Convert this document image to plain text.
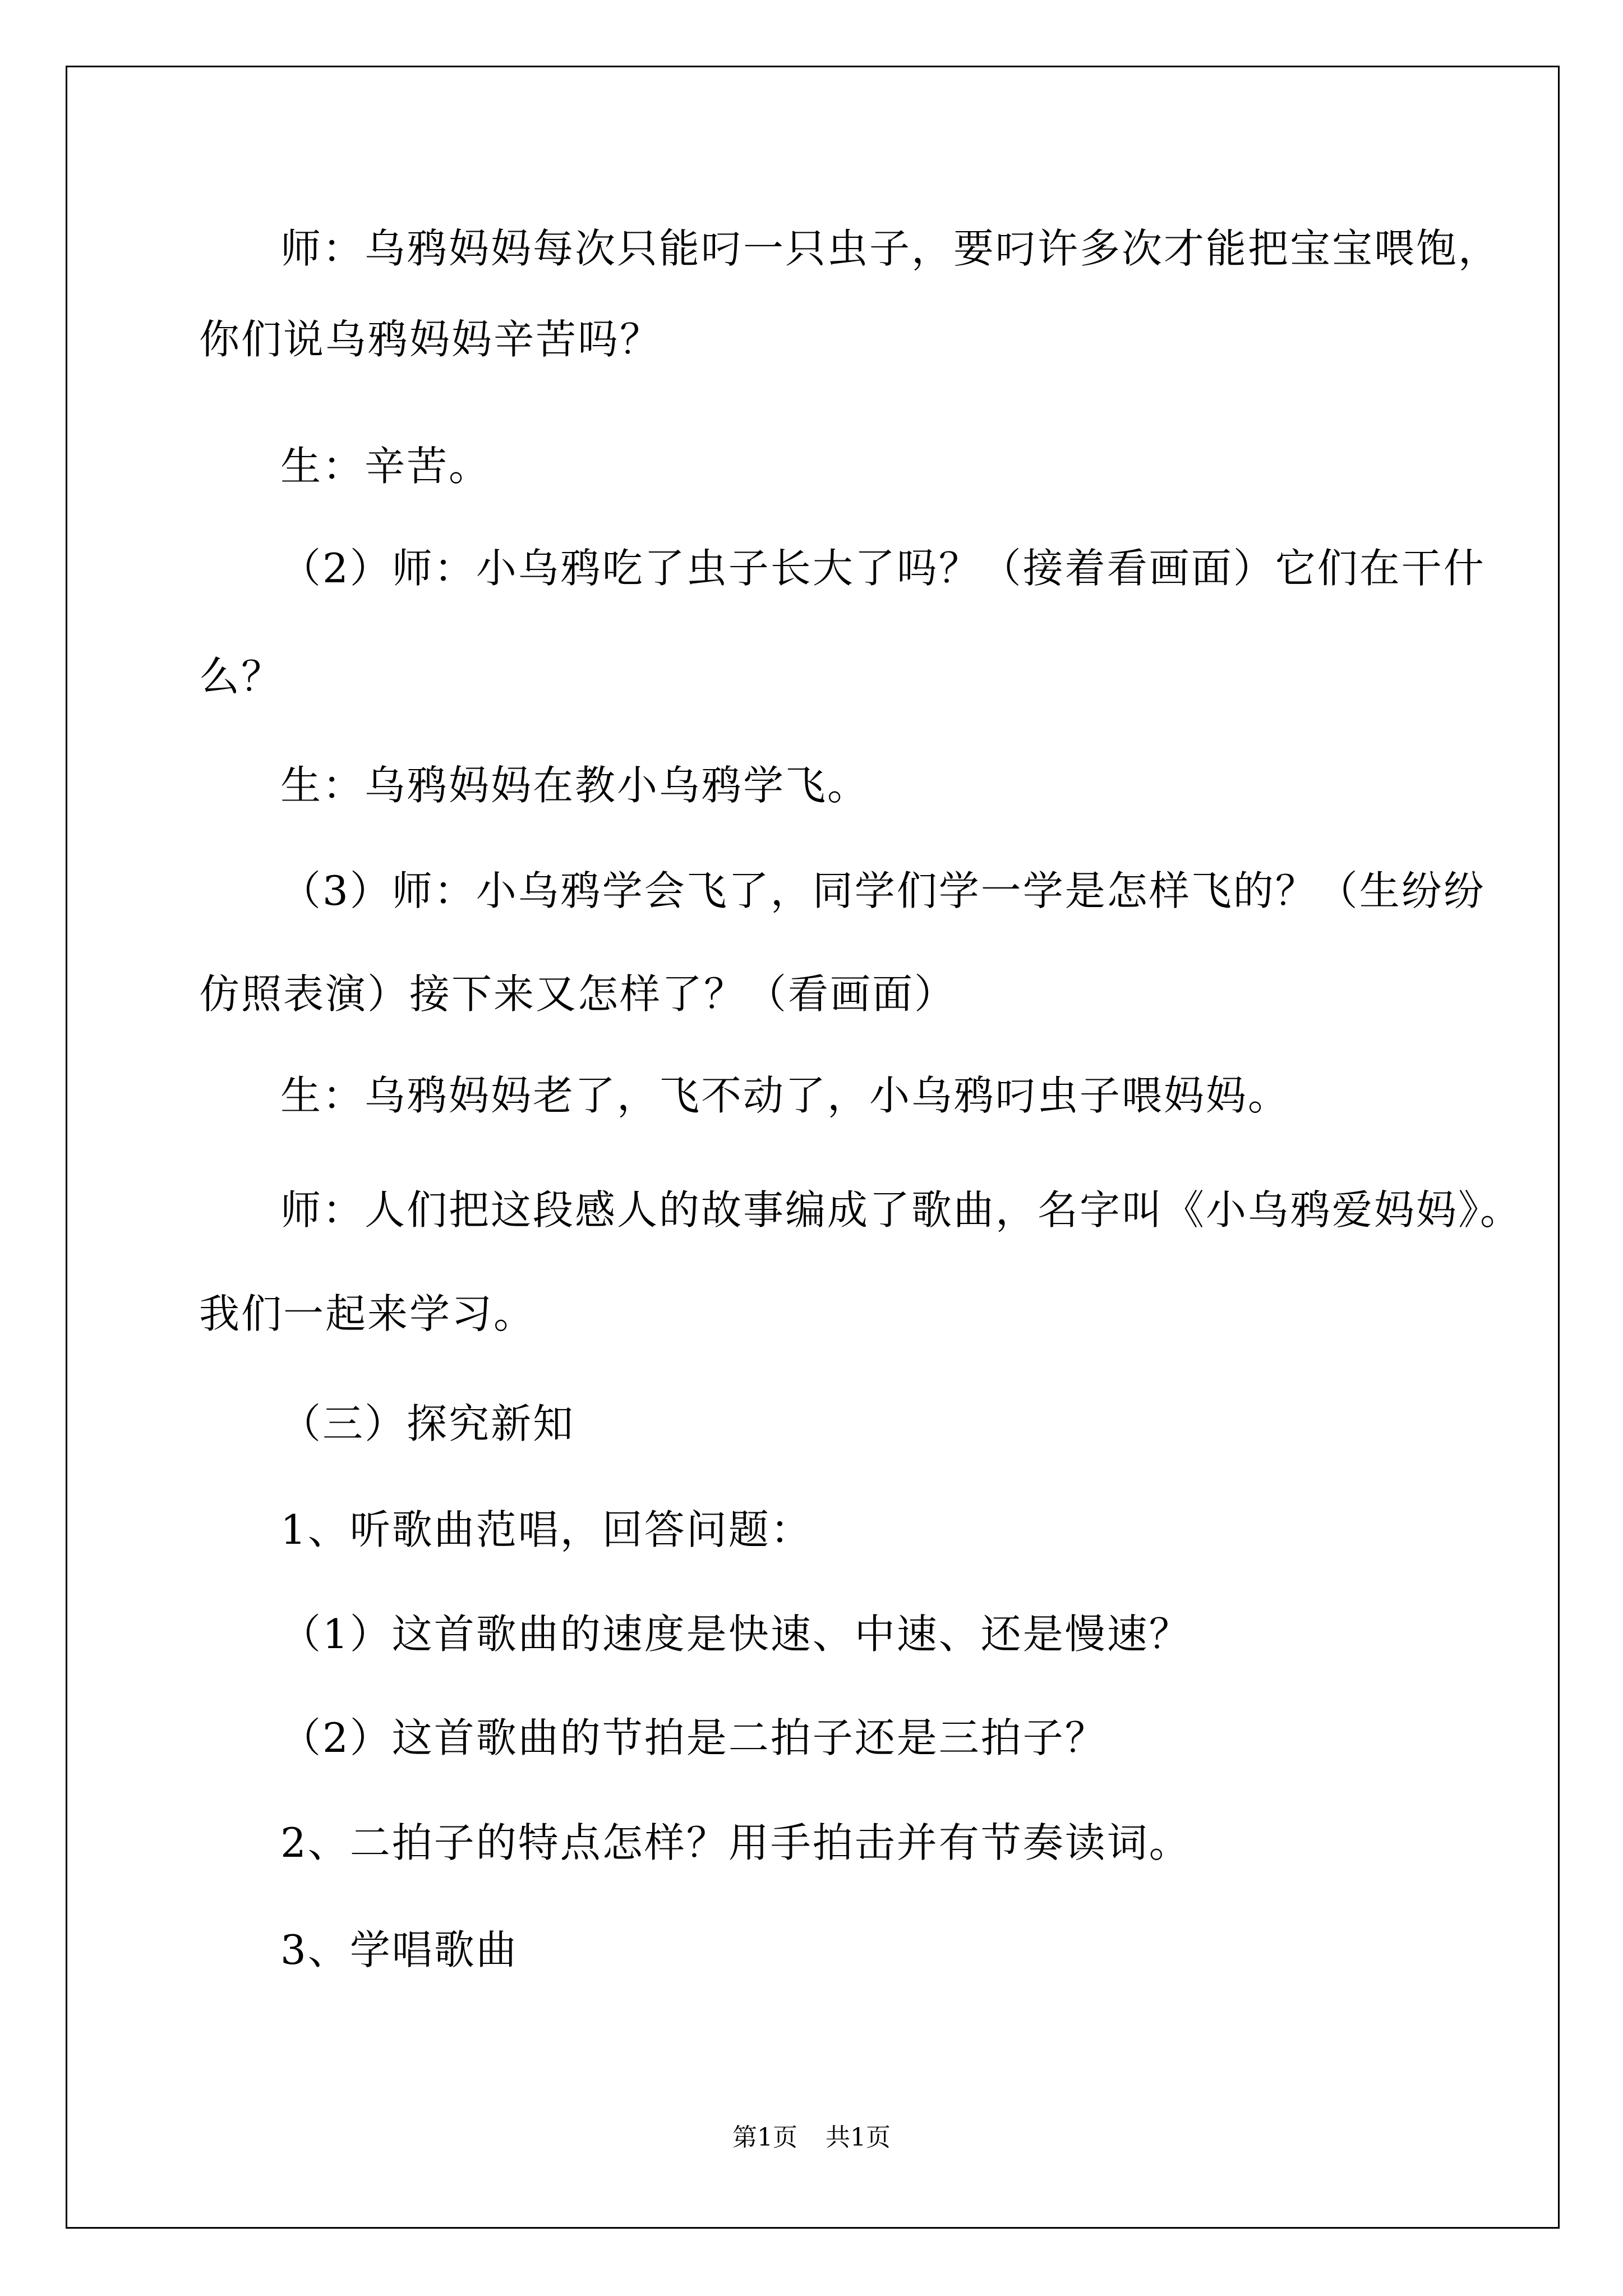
师：乌鸦妈妈每次只能叼一只虫子，要叼许多次才能把宝宝喂饱，
你们说乌鸦妈妈辛苦吗？
生：辛苦。
（2）师：小乌鸦吃了虫子长大了吗？（接着看画面）它们在干什
么？
生：乌鸦妈妈在教小乌鸦学飞。
（3）师：小乌鸦学会飞了，同学们学一学是怎样飞的？（生纷纷
仿照表演）接下来又怎样了？（看画面）
生：乌鸦妈妈老了，飞不动了，小乌鸦叼虫子喂妈妈。
师：人们把这段感人的故事编成了歌曲，名字叫《小乌鸦爱妈妈》。
我们一起来学习。
（三）探究新知
1、听歌曲范唱，回答问题：
（1）这首歌曲的速度是快速、中速、还是慢速？
（2）这首歌曲的节拍是二拍子还是三拍子？
2、二拍子的特点怎样？用手拍击并有节奏读词。
3、学唱歌曲
第1页 共1页
